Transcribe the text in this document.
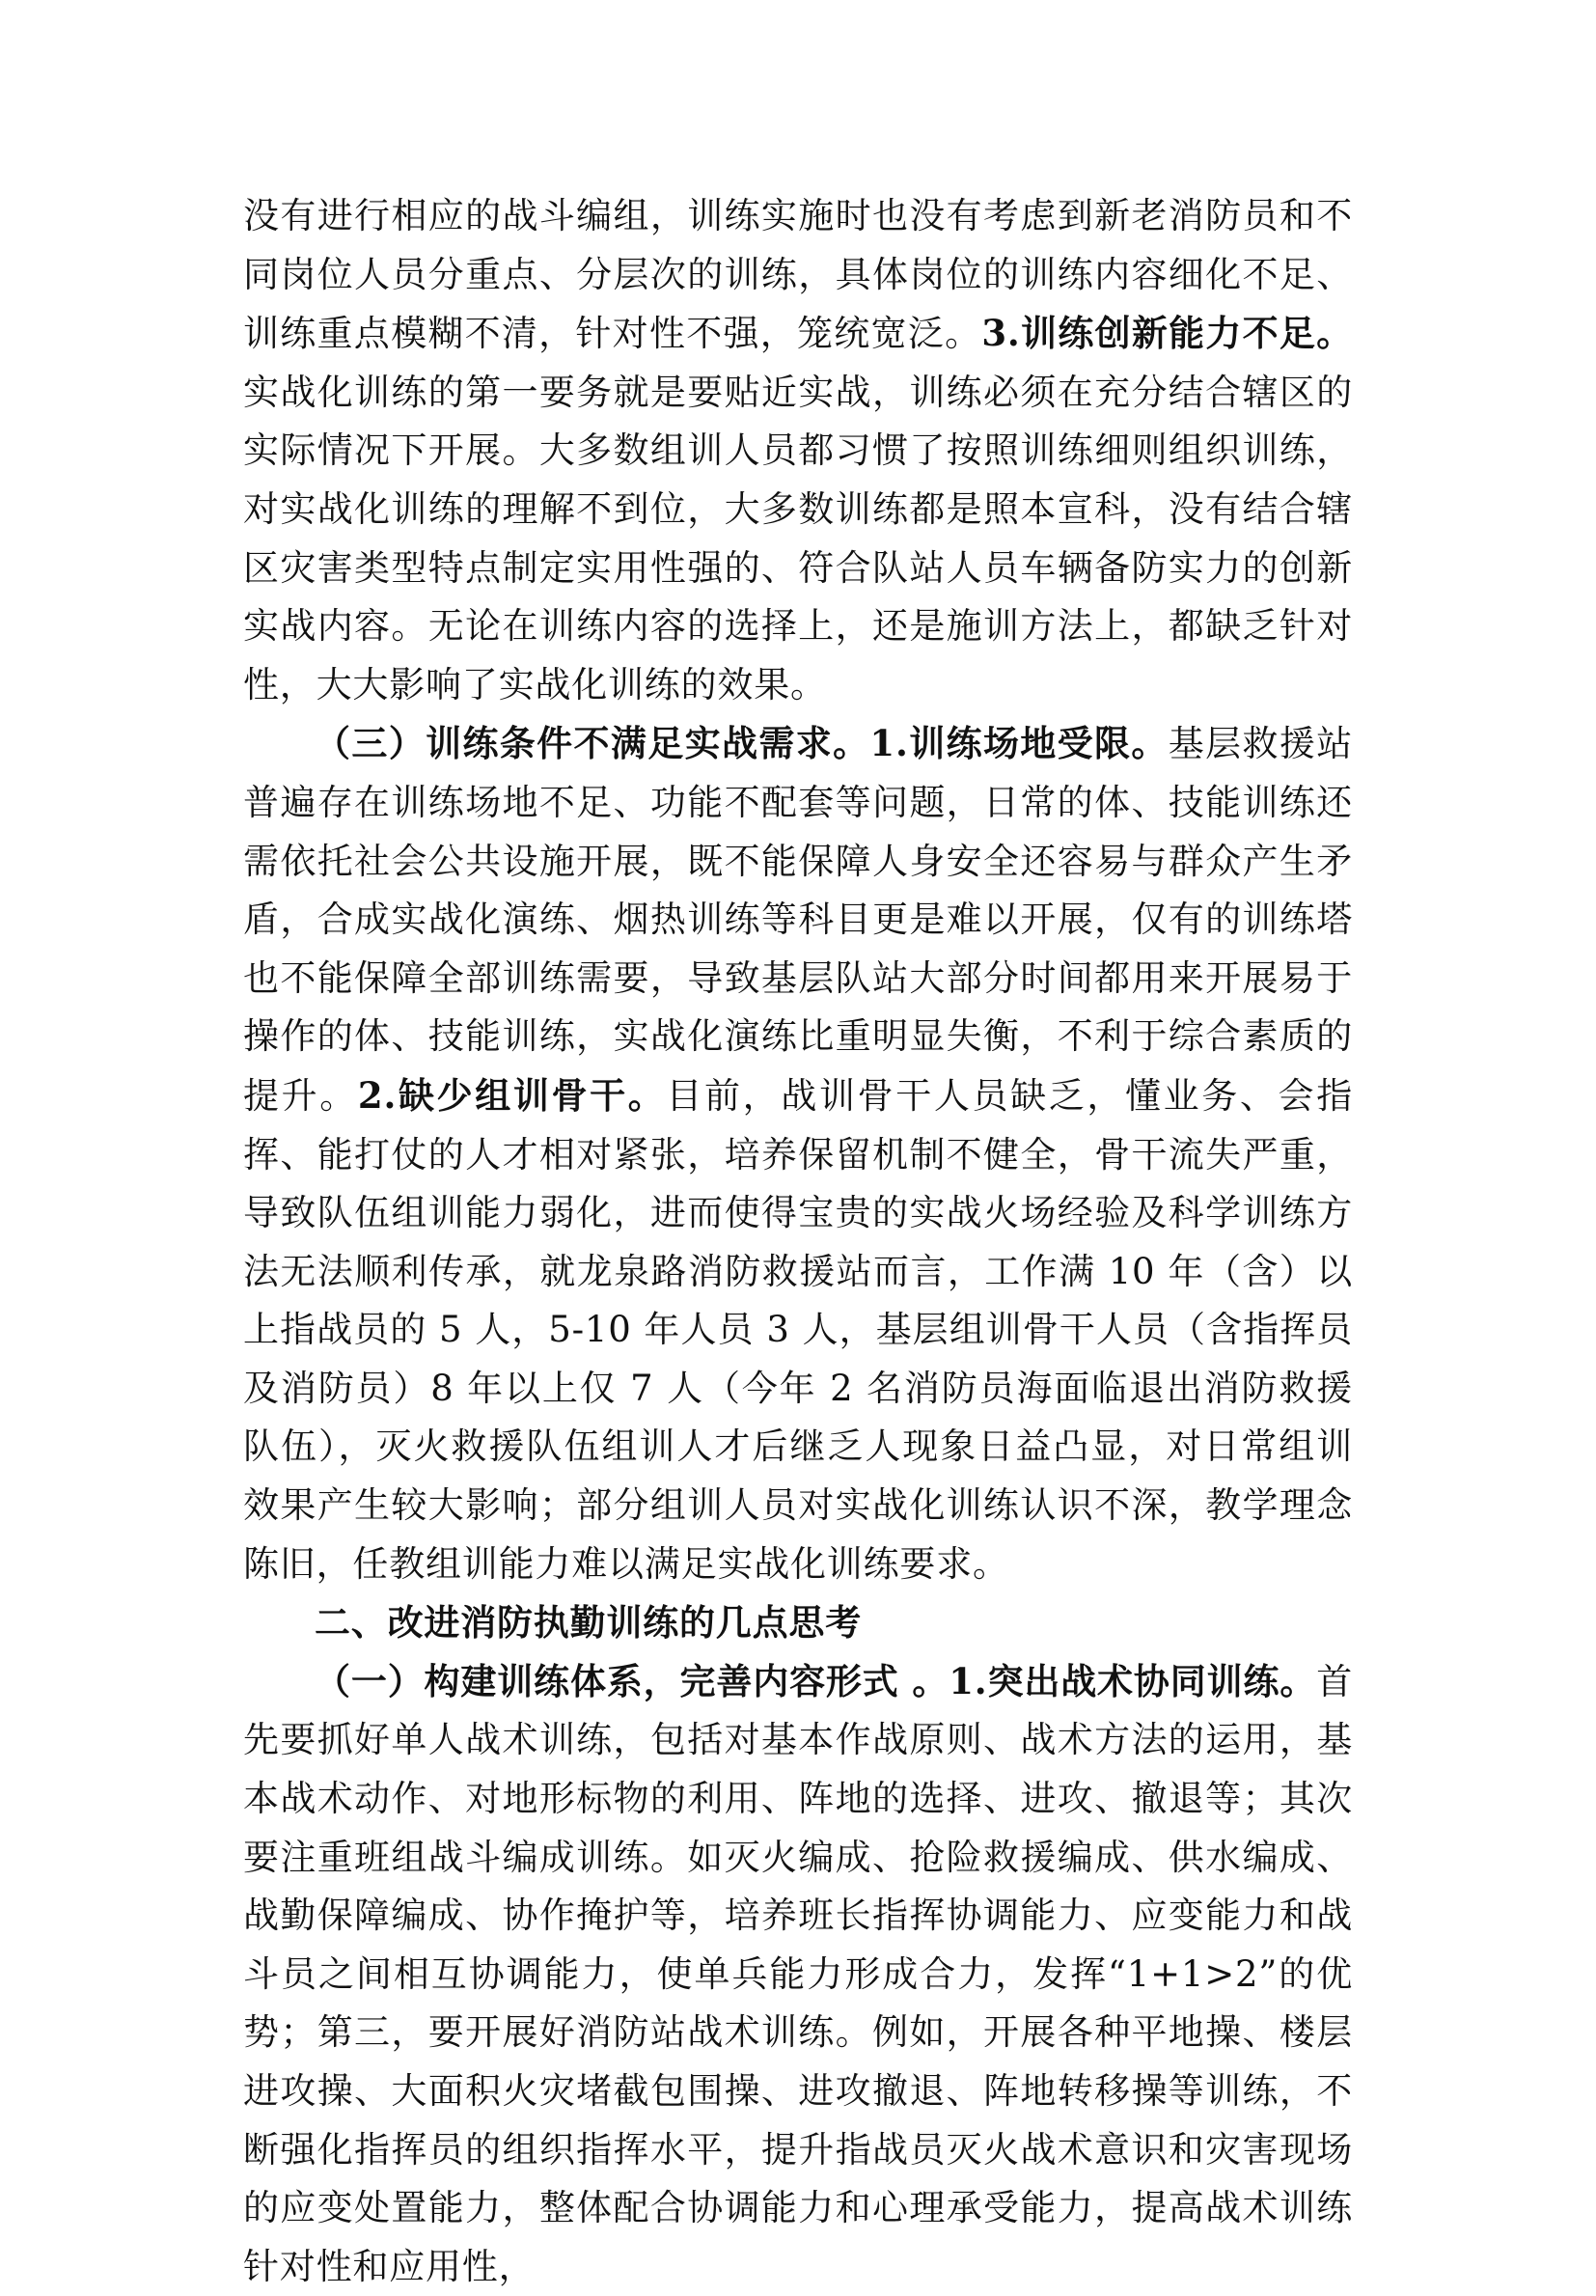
没有进行相应的战斗编组，训练实施时也没有考虑到新老消防员和不同岗位人员分重点、分层次的训练，具体岗位的训练内容细化不足、训练重点模糊不清，针对性不强，笼统宽泛。3.训练创新能力不足。实战化训练的第一要务就是要贴近实战，训练必须在充分结合辖区的实际情况下开展。大多数组训人员都习惯了按照训练细则组织训练，对实战化训练的理解不到位，大多数训练都是照本宣科，没有结合辖区灾害类型特点制定实用性强的、符合队站人员车辆备防实力的创新实战内容。无论在训练内容的选择上，还是施训方法上，都缺乏针对性，大大影响了实战化训练的效果。

（三）训练条件不满足实战需求。1.训练场地受限。基层救援站普遍存在训练场地不足、功能不配套等问题，日常的体、技能训练还需依托社会公共设施开展，既不能保障人身安全还容易与群众产生矛盾，合成实战化演练、烟热训练等科目更是难以开展，仅有的训练塔也不能保障全部训练需要，导致基层队站大部分时间都用来开展易于操作的体、技能训练，实战化演练比重明显失衡，不利于综合素质的提升。2.缺少组训骨干。目前，战训骨干人员缺乏，懂业务、会指挥、能打仗的人才相对紧张，培养保留机制不健全，骨干流失严重，导致队伍组训能力弱化，进而使得宝贵的实战火场经验及科学训练方法无法顺利传承，就龙泉路消防救援站而言，工作满 10 年（含）以上指战员的 5 人，5-10 年人员 3 人，基层组训骨干人员（含指挥员及消防员）8 年以上仅 7 人（今年 2 名消防员海面临退出消防救援队伍），灭火救援队伍组训人才后继乏人现象日益凸显，对日常组训效果产生较大影响；部分组训人员对实战化训练认识不深，教学理念陈旧，任教组训能力难以满足实战化训练要求。

二、改进消防执勤训练的几点思考

（一）构建训练体系，完善内容形式 。1.突出战术协同训练。首先要抓好单人战术训练，包括对基本作战原则、战术方法的运用，基本战术动作、对地形标物的利用、阵地的选择、进攻、撤退等；其次要注重班组战斗编成训练。如灭火编成、抢险救援编成、供水编成、战勤保障编成、协作掩护等，培养班长指挥协调能力、应变能力和战斗员之间相互协调能力，使单兵能力形成合力，发挥“1+1>2”的优势；第三，要开展好消防站战术训练。例如，开展各种平地操、楼层进攻操、大面积火灾堵截包围操、进攻撤退、阵地转移操等训练，不断强化指挥员的组织指挥水平，提升指战员灭火战术意识和灾害现场的应变处置能力，整体配合协调能力和心理承受能力，提高战术训练针对性和应用性，
